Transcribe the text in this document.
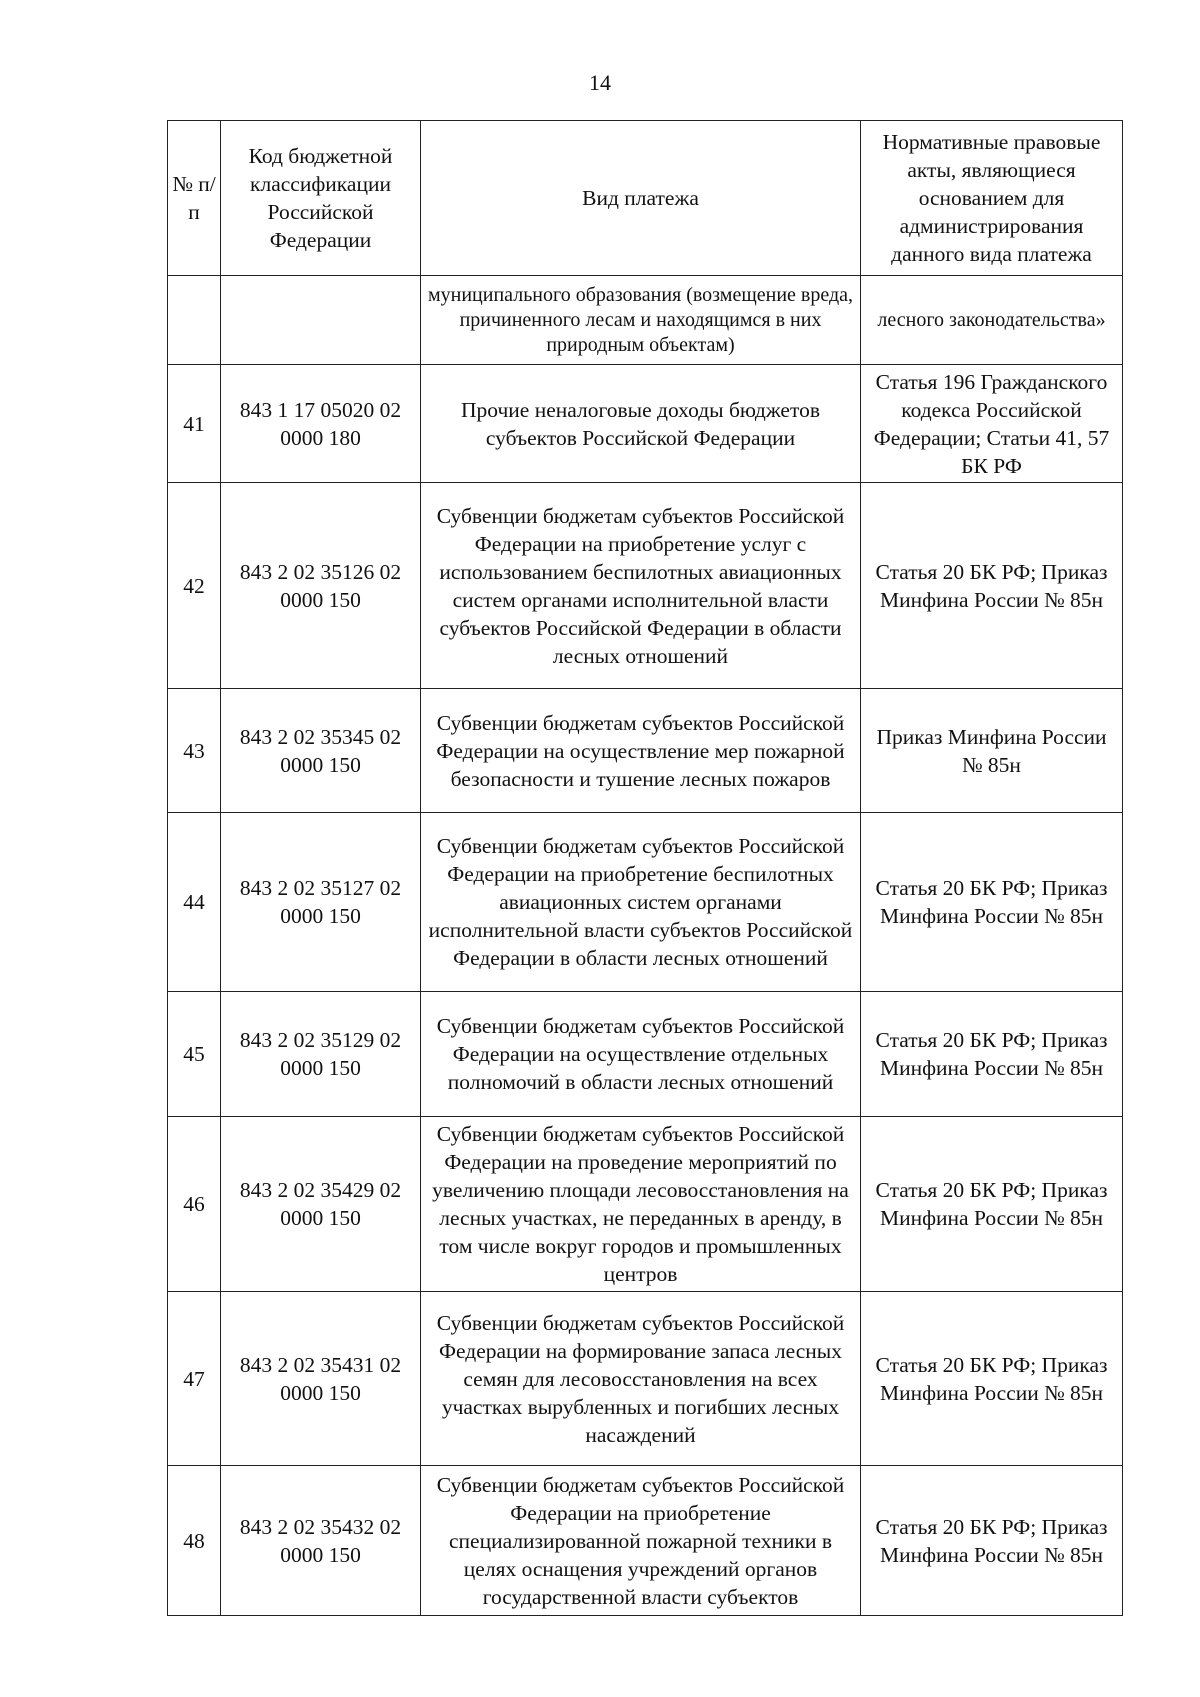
14
№ п/п	Код бюджетной классификации Российской Федерации	Вид платежа	Нормативные правовые акты, являющиеся основанием для администрирования данного вида платежа
		муниципального образования (возмещение вреда, причиненного лесам и находящимся в них природным объектам)	лесного законодательства»
41	843 1 17 05020 02 0000 180	Прочие неналоговые доходы бюджетов субъектов Российской Федерации	Статья 196 Гражданского кодекса Российской Федерации; Статьи 41, 57 БК РФ
42	843 2 02 35126 02 0000 150	Субвенции бюджетам субъектов Российской Федерации на приобретение услуг с использованием беспилотных авиационных систем органами исполнительной власти субъектов Российской Федерации в области лесных отношений	Статья 20 БК РФ; Приказ Минфина России № 85н
43	843 2 02 35345 02 0000 150	Субвенции бюджетам субъектов Российской Федерации на осуществление мер пожарной безопасности и тушение лесных пожаров	Приказ Минфина России № 85н
44	843 2 02 35127 02 0000 150	Субвенции бюджетам субъектов Российской Федерации на приобретение беспилотных авиационных систем органами исполнительной власти субъектов Российской Федерации в области лесных отношений	Статья 20 БК РФ; Приказ Минфина России № 85н
45	843 2 02 35129 02 0000 150	Субвенции бюджетам субъектов Российской Федерации на осуществление отдельных полномочий в области лесных отношений	Статья 20 БК РФ; Приказ Минфина России № 85н
46	843 2 02 35429 02 0000 150	Субвенции бюджетам субъектов Российской Федерации на проведение мероприятий по увеличению площади лесовосстановления на лесных участках, не переданных в аренду, в том числе вокруг городов и промышленных центров	Статья 20 БК РФ; Приказ Минфина России № 85н
47	843 2 02 35431 02 0000 150	Субвенции бюджетам субъектов Российской Федерации на формирование запаса лесных семян для лесовосстановления на всех участках вырубленных и погибших лесных насаждений	Статья 20 БК РФ; Приказ Минфина России № 85н
48	843 2 02 35432 02 0000 150	Субвенции бюджетам субъектов Российской Федерации на приобретение специализированной пожарной техники в целях оснащения учреждений органов государственной власти субъектов	Статья 20 БК РФ; Приказ Минфина России № 85н
